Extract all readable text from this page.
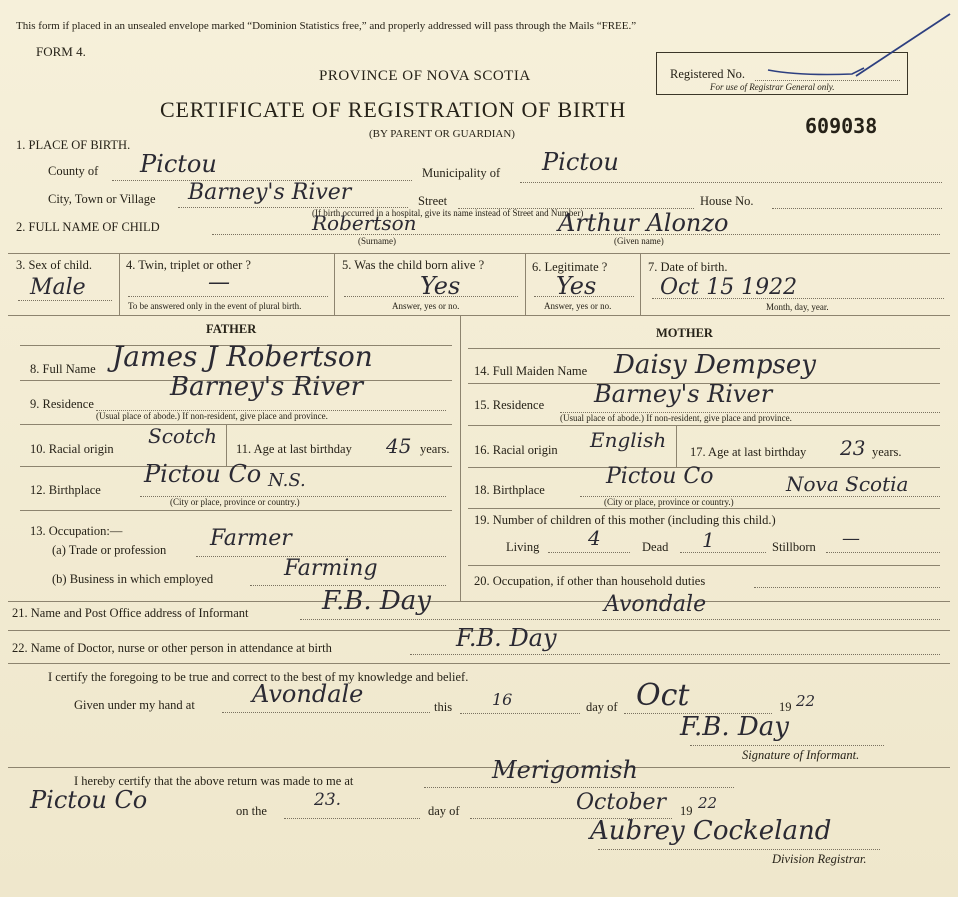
This form if placed in an unsealed envelope marked “Dominion Statistics free,” and properly addressed will pass through the Mails “FREE.”
FORM 4.
PROVINCE OF NOVA SCOTIA
CERTIFICATE OF REGISTRATION OF BIRTH
(BY PARENT OR GUARDIAN)
Registered No.
For use of Registrar General only.
609038
1. PLACE OF BIRTH.
County of Pictou	Municipality of Pictou
City, Town or Village Barney's River	Street	House No.
(If birth occurred in a hospital, give its name instead of Street and Number)
2. FULL NAME OF CHILD	Robertson	Arthur Alonzo
(Surname)	(Given name)
3. Sex of child.
Male
4. Twin, triplet or other ?
—
To be answered only in the event of plural birth.
5. Was the child born alive ?
Yes
Answer, yes or no.
6. Legitimate ?
Yes
Answer, yes or no.
7. Date of birth.
Oct 15 1922
Month, day, year.
FATHER	MOTHER
8. Full Name James J Robertson
9. Residence
Barney's River
(Usual place of abode.) If non-resident, give place and province.
10. Racial origin
Scotch
11. Age at last birthday 45 years.
12. Birthplace
Pictou Co N.S.
(City or place, province or country.)
13. Occupation:—
(a) Trade or profession Farmer
(b) Business in which employed	Farming
14. Full Maiden Name Daisy Dempsey
15. Residence Barney's River
(Usual place of abode.) If non-resident, give place and province.
16. Racial origin English 17. Age at last birthday 23 years.
18. Birthplace
Pictou Co	Nova Scotia
(City or place, province or country.)
19. Number of children of this mother (including this child.)
Living 4	Dead 1	Stillborn —
20. Occupation, if other than household duties
21. Name and Post Office address of Informant	F.B. Day	Avondale
22. Name of Doctor, nurse or other person in attendance at birth	F.B. Day
I certify the foregoing to be true and correct to the best of my knowledge and belief.
Given under my hand at Avondale	this 16	day of Oct	19 22
F.B. Day
Signature of Informant.
I hereby certify that the above return was made to me at	Merigomish
Pictou Co	on the
23.
day of	October 19 22
Aubrey Cockeland
Division Registrar.
